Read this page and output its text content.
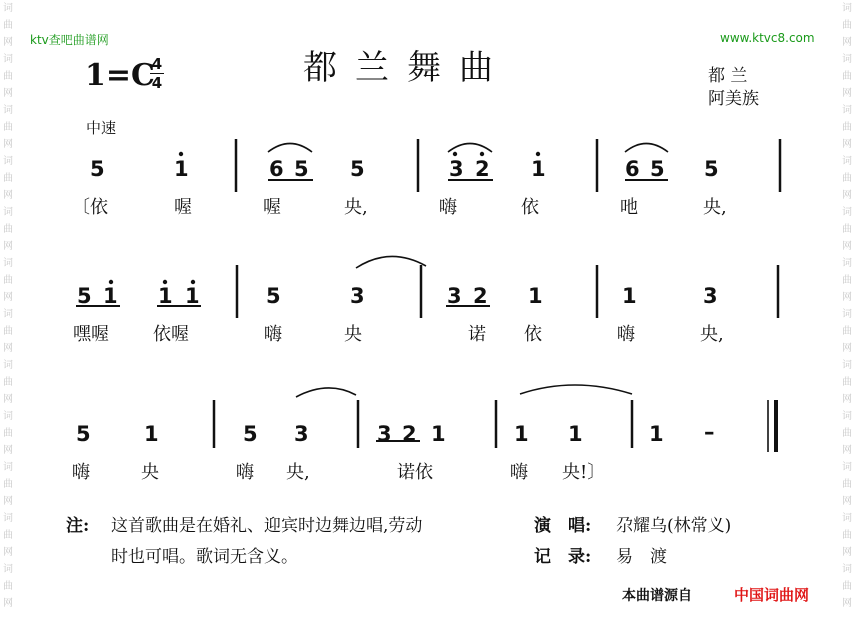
词曲网词曲网词曲网词曲网词曲网词曲网词曲网词曲网词曲网词曲网词曲网词曲网
词曲网词曲网词曲网词曲网词曲网词曲网词曲网词曲网词曲网词曲网词曲网词曲网
ktv查吧曲谱网	www.ktvc8.com
都兰舞曲
1=C
4
4	都 兰
阿美族
中速
5	1	6 5 5	3 2 1	6 5 5
〔依	喔	喔	央,	嗨	依	吔	央,
5 1 1 1	5	3	3 2 1	1	3
嘿喔 依喔	嗨	央	诺 依	嗨	央,
5	1	5 3	3 2 1	1 1	1 –
嗨	央	嗨 央,	诺依	嗨 央!〕
注: 这首歌曲是在婚礼、迎宾时边舞边唱,劳动
时也可唱。歌词无含义。
演　唱: 尕耀乌(林常义)
记　录: 易　渡
本曲谱源自	中国词曲网
